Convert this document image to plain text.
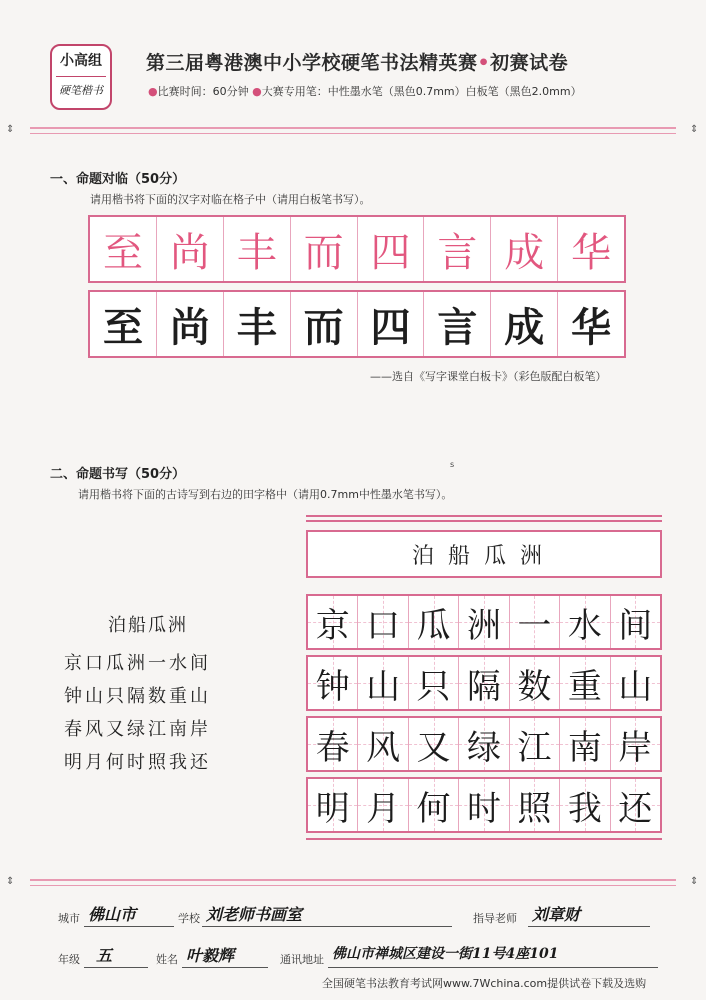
小高组
硬笔楷书
第三届粤港澳中小学校硬笔书法精英赛•初赛试卷
●比赛时间：60分钟 ●大赛专用笔：中性墨水笔（黑色0.7mm）白板笔（黑色2.0mm）
⇕	⇕
一、命题对临（50分）
请用楷书将下面的汉字对临在格子中（请用白板笔书写）。
至 尚 丰 而 四 言 成 华
至 尚 丰 而 四 言 成 华
——选自《写字课堂白板卡》（彩色版配白板笔）
二、命题书写（50分）
s
请用楷书将下面的古诗写到右边的田字格中（请用0.7mm中性墨水笔书写）。
泊船瓜洲
京口瓜洲一水间
钟山只隔数重山
春风又绿江南岸
明月何时照我还
泊船瓜洲
京 口 瓜 洲 一 水 间
钟 山 只 隔 数 重 山
春 风 又 绿 江 南 岸
明 月 何 时 照 我 还
⇕	⇕
城市 佛山市	学校 刘老师书画室	指导老师 刘章财
年级 五	姓名 叶毅辉	通讯地址 佛山市禅城区建设一街11号4座101
全国硬笔书法教育考试网www.7Wchina.com提供试卷下载及选购
